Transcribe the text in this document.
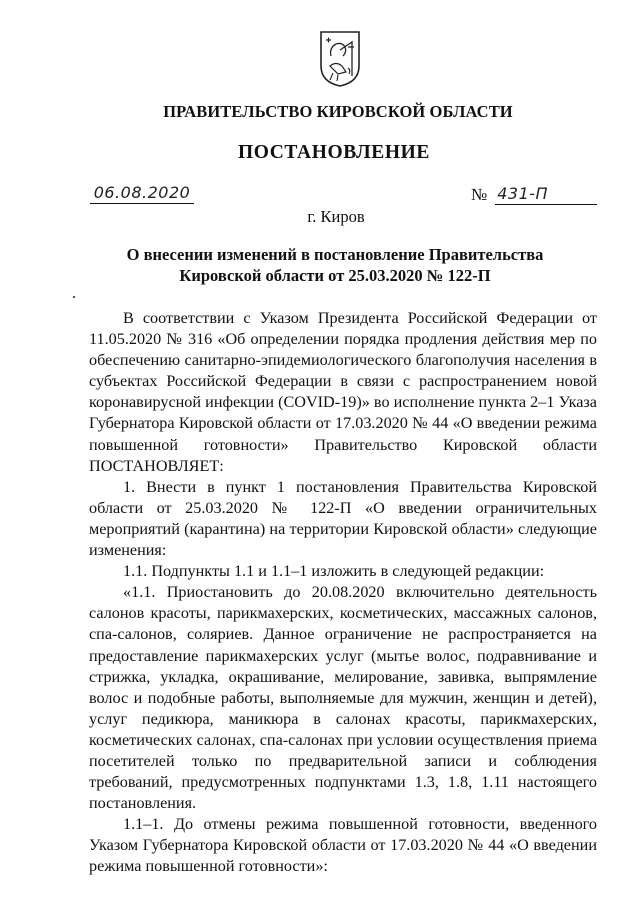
ПРАВИТЕЛЬСТВО КИРОВСКОЙ ОБЛАСТИ
ПОСТАНОВЛЕНИЕ
06.08.2020	№ 431-П
г. Киров
О внесении изменений в постановление Правительства
Кировской области от 25.03.2020 № 122-П

В соответствии с Указом Президента Российской Федерации от 11.05.2020 № 316 «Об определении порядка продления действия мер по обеспечению санитарно-эпидемиологического благополучия населения в субъектах Российской Федерации в связи с распространением новой коронавирусной инфекции (COVID-19)» во исполнение пункта 2–1 Указа Губернатора Кировской области от 17.03.2020 № 44 «О введении режима повышенной готовности» Правительство Кировской области ПОСТАНОВЛЯЕТ:

1. Внести в пункт 1 постановления Правительства Кировской области от 25.03.2020 № 122-П «О введении ограничительных мероприятий (карантина) на территории Кировской области» следующие изменения:

1.1. Подпункты 1.1 и 1.1–1 изложить в следующей редакции:

«1.1. Приостановить до 20.08.2020 включительно деятельность салонов красоты, парикмахерских, косметических, массажных салонов, спа-салонов, соляриев. Данное ограничение не распространяется на предоставление парикмахерских услуг (мытье волос, подравнивание и стрижка, укладка, окрашивание, мелирование, завивка, выпрямление волос и подобные работы, выполняемые для мужчин, женщин и детей), услуг педикюра, маникюра в салонах красоты, парикмахерских, косметических салонах, спа-салонах при условии осуществления приема посетителей только по предварительной записи и соблюдения требований, предусмотренных подпунктами 1.3, 1.8, 1.11 настоящего постановления.

1.1–1. До отмены режима повышенной готовности, введенного Указом Губернатора Кировской области от 17.03.2020 № 44 «О введении режима повышенной готовности»:
